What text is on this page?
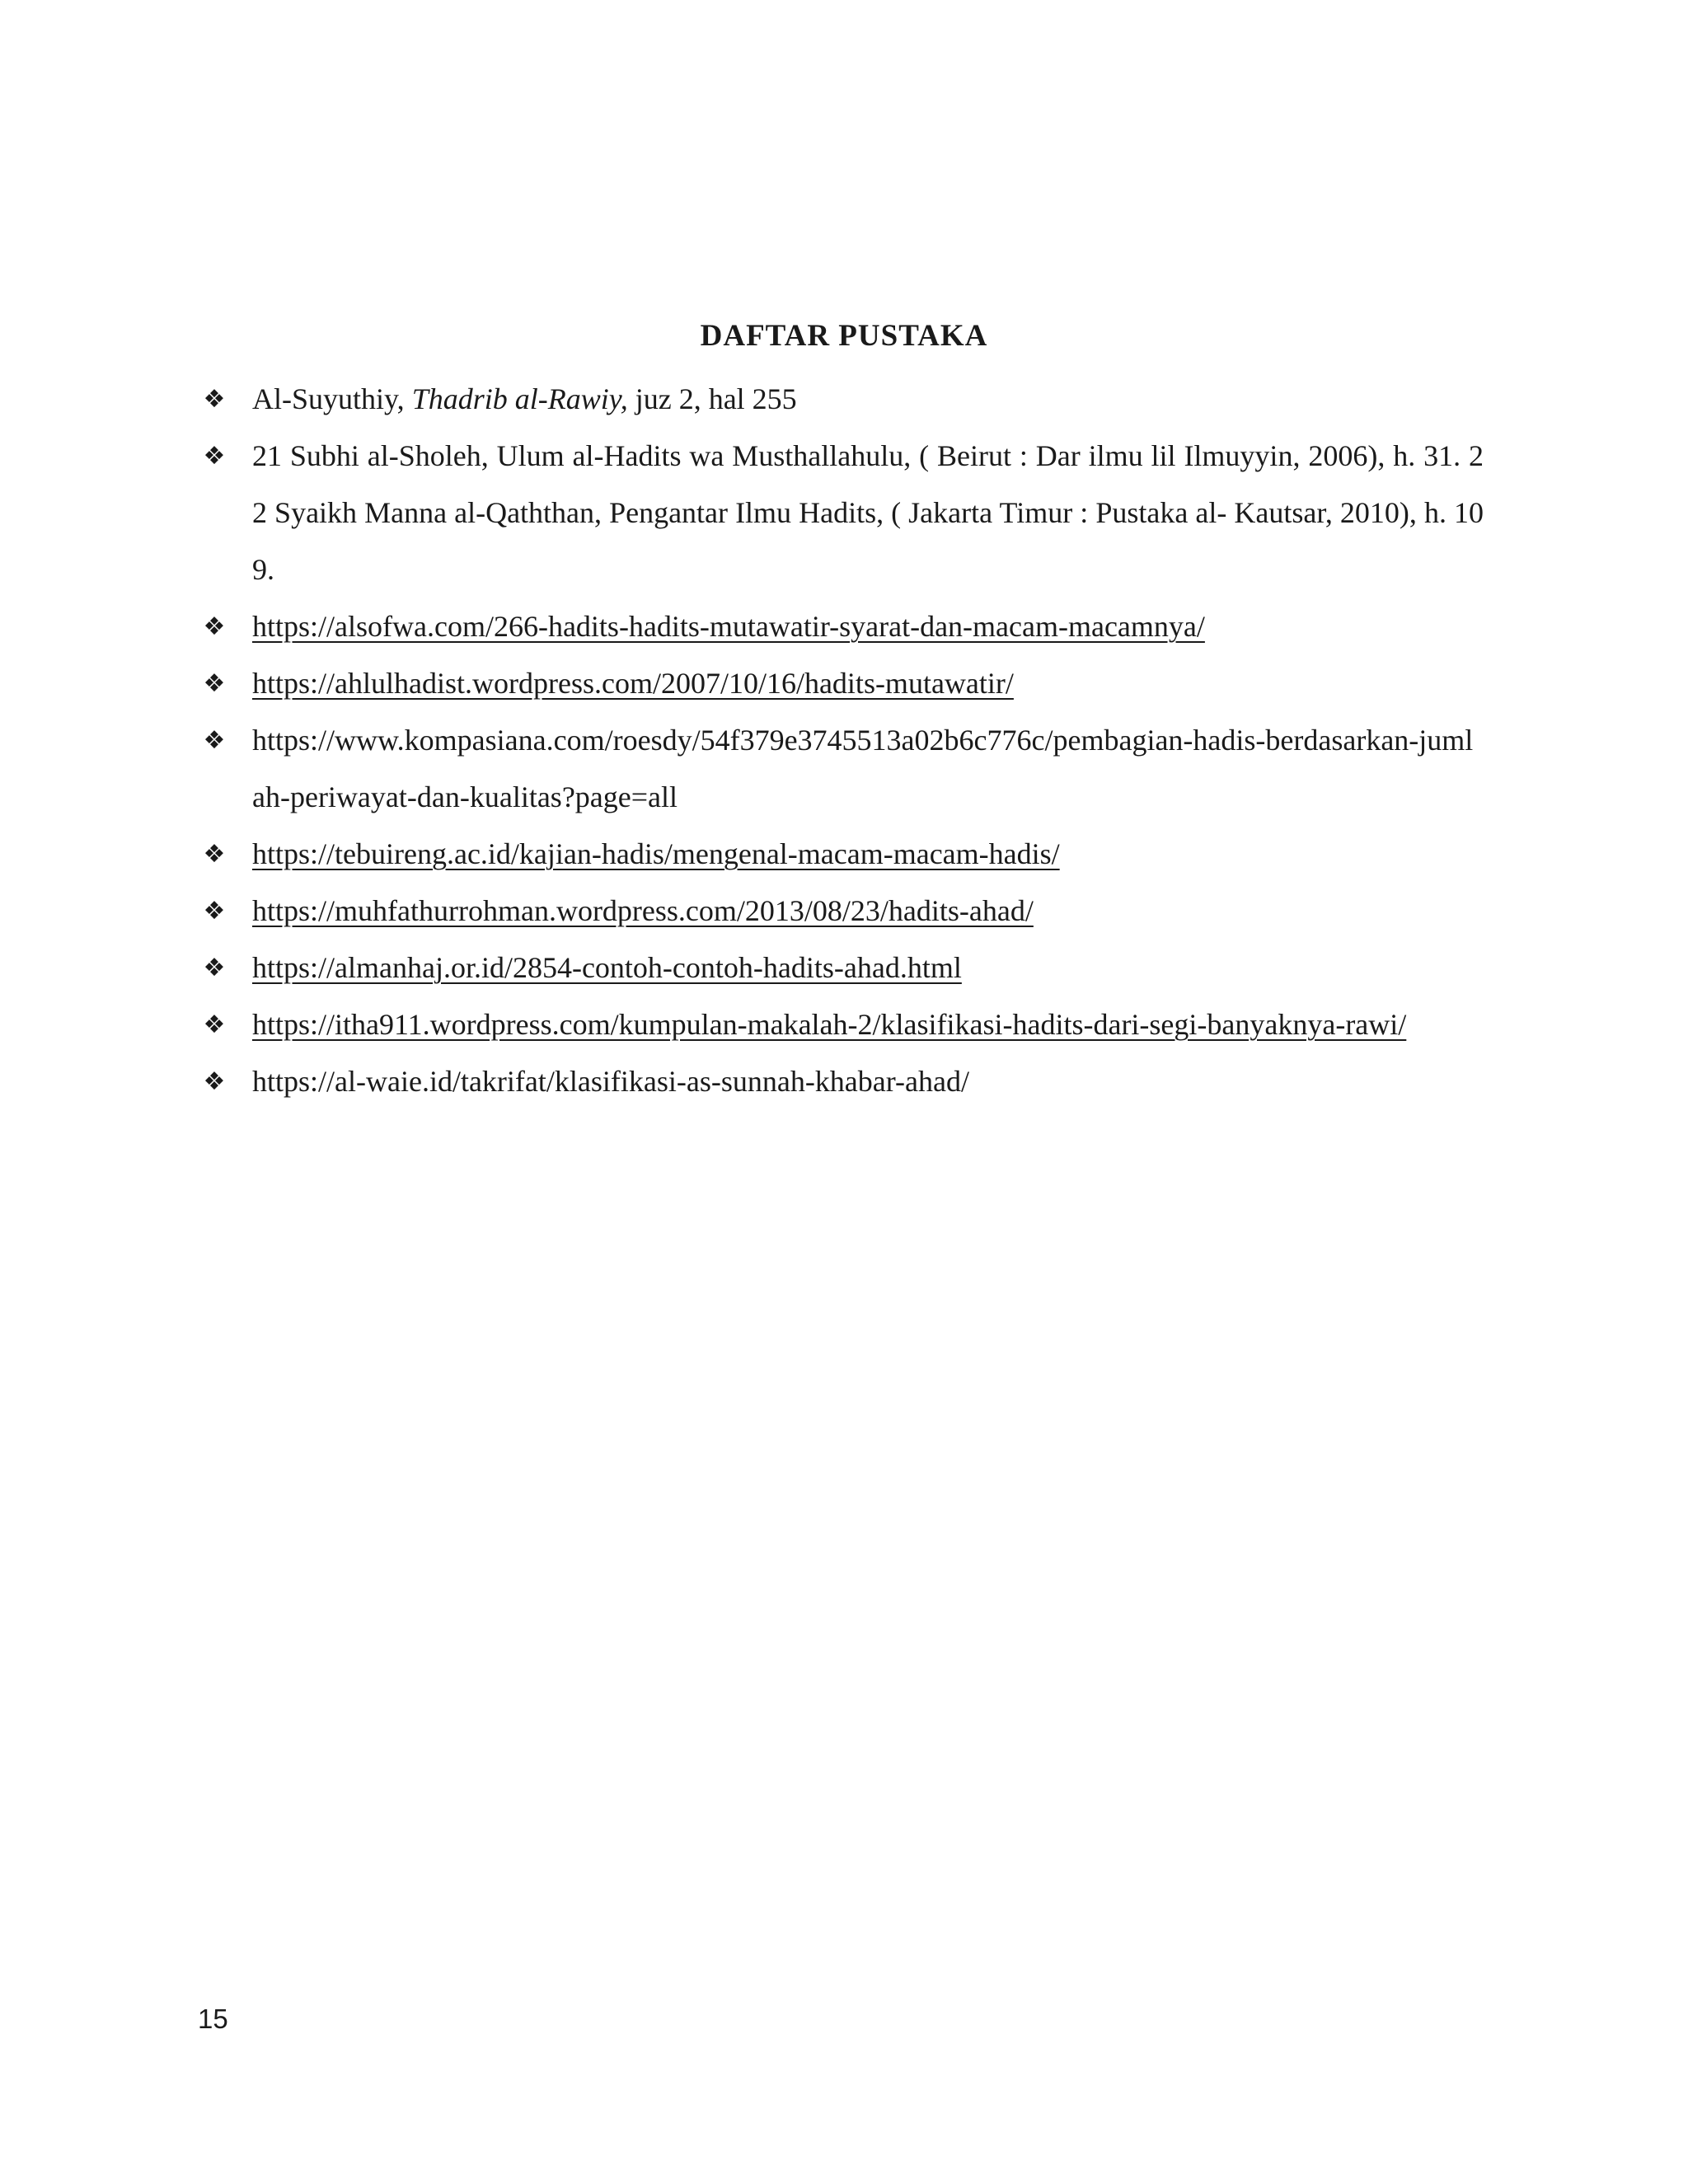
DAFTAR PUSTAKA
❖ Al-Suyuthiy, Thadrib al-Rawiy, juz 2, hal 255
❖ 21 Subhi al-Sholeh, Ulum al-Hadits wa Musthallahulu, ( Beirut : Dar ilmu lil Ilmuyyin, 2006), h. 31. 22 Syaikh Manna al-Qaththan, Pengantar Ilmu Hadits, ( Jakarta Timur : Pustaka al- Kautsar, 2010), h. 109.
❖ https://alsofwa.com/266-hadits-hadits-mutawatir-syarat-dan-macam-macamnya/
❖ https://ahlulhadist.wordpress.com/2007/10/16/hadits-mutawatir/
❖ https://www.kompasiana.com/roesdy/54f379e3745513a02b6c776c/pembagian-hadis-berdasarkan-jumlah-periwayat-dan-kualitas?page=all
❖ https://tebuireng.ac.id/kajian-hadis/mengenal-macam-macam-hadis/
❖ https://muhfathurrohman.wordpress.com/2013/08/23/hadits-ahad/
❖ https://almanhaj.or.id/2854-contoh-contoh-hadits-ahad.html
❖ https://itha911.wordpress.com/kumpulan-makalah-2/klasifikasi-hadits-dari-segi-banyaknya-rawi/
❖ https://al-waie.id/takrifat/klasifikasi-as-sunnah-khabar-ahad/
15
